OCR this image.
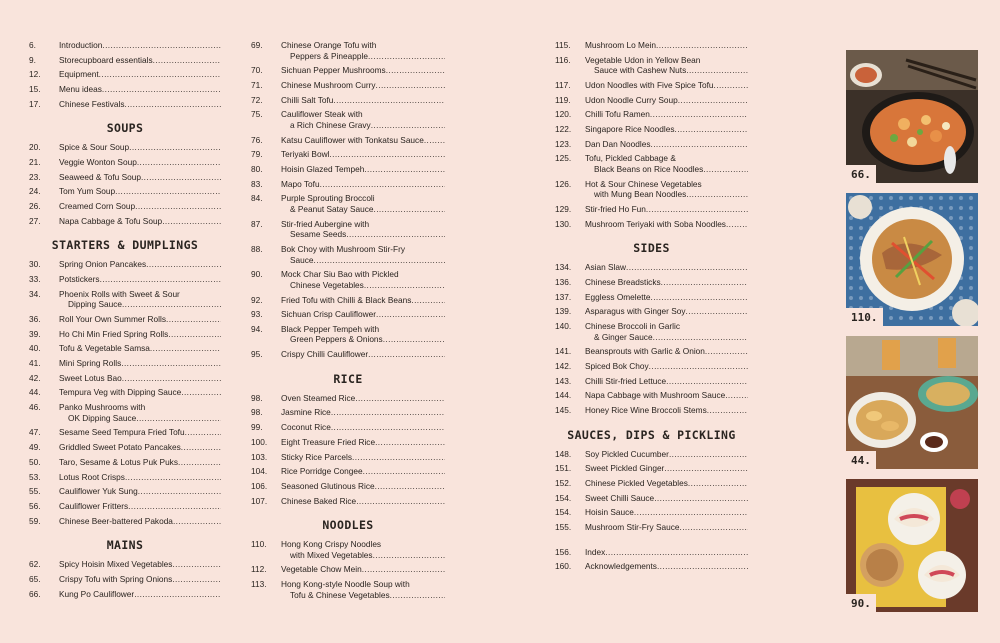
6.	Introduction
.....
9.	Storecupboard essentials
.....
12.	Equipment
.....
15.	Menu ideas
.....
17.	Chinese Festivals
.....
SOUPS
20.	Spice & Sour Soup
.....
21.	Veggie Wonton Soup
.....
23.	Seaweed & Tofu Soup
.....
24.	Tom Yum Soup
.....
26.	Creamed Corn Soup
.....
27.	Napa Cabbage & Tofu Soup
.....
STARTERS & DUMPLINGS
30.	Spring Onion Pancakes
.....
33.	Potstickers
.....
34.	Phoenix Rolls with Sweet & Sour
Dipping Sauce
.....
36.	Roll Your Own Summer Rolls
.....
39.	Ho Chi Min Fried Spring Rolls
.....
40.	Tofu & Vegetable Samsa
.....
41.	Mini Spring Rolls
.....
42.	Sweet Lotus Bao
.....
44.	Tempura Veg with Dipping Sauce
.....
46.	Panko Mushrooms with
OK Dipping Sauce
.....
47.	Sesame Seed Tempura Fried Tofu
.....
49.	Griddled Sweet Potato Pancakes
.....
50.	Taro, Sesame & Lotus Puk Puks
.....
53.	Lotus Root Crisps
.....
55.	Cauliflower Yuk Sung
.....
56.	Cauliflower Fritters
.....
59.	Chinese Beer-battered Pakoda
.....
MAINS
62.	Spicy Hoisin Mixed Vegetables
.....
65.	Crispy Tofu with Spring Onions
.....
66.	Kung Po Cauliflower
.....
69.	Chinese Orange Tofu with
Peppers & Pineapple
.....
70.	Sichuan Pepper Mushrooms
.....
71.	Chinese Mushroom Curry
.....
72.	Chilli Salt Tofu
.....
75.	Cauliflower Steak with
a Rich Chinese Gravy
.....
76.	Katsu Cauliflower with Tonkatsu Sauce
.....
79.	Teriyaki Bowl
.....
80.	Hoisin Glazed Tempeh
.....
83.	Mapo Tofu
.....
84.	Purple Sprouting Broccoli
& Peanut Satay Sauce
.....
87.	Stir-fried Aubergine with
Sesame Seeds
.....
88.	Bok Choy with Mushroom Stir-Fry
Sauce
.....
90.	Mock Char Siu Bao with Pickled
Chinese Vegetables
.....
92.	Fried Tofu with Chilli & Black Beans
.....
93.	Sichuan Crisp Cauliflower
.....
94.	Black Pepper Tempeh with
Green Peppers & Onions
.....
95.	Crispy Chilli Cauliflower
.....
RICE
98.	Oven Steamed Rice
.....
98.	Jasmine Rice
.....
99.	Coconut Rice
.....
100.	Eight Treasure Fried Rice
.....
103.	Sticky Rice Parcels
.....
104.	Rice Porridge Congee
.....
106.	Seasoned Glutinous Rice
.....
107.	Chinese Baked Rice
.....
NOODLES
110.	Hong Kong Crispy Noodles
with Mixed Vegetables
.....
112.	Vegetable Chow Mein
.....
113.	Hong Kong-style Noodle Soup with
Tofu & Chinese Vegetables
.....
115.	Mushroom Lo Mein
.....
116.	Vegetable Udon in Yellow Bean
Sauce with Cashew Nuts
.....
117.	Udon Noodles with Five Spice Tofu
.....
119.	Udon Noodle Curry Soup
.....
120.	Chilli Tofu Ramen
.....
122.	Singapore Rice Noodles
.....
123.	Dan Dan Noodles
.....
125.	Tofu, Pickled Cabbage &
Black Beans on Rice Noodles
.....
126.	Hot & Sour Chinese Vegetables
with Mung Bean Noodles
.....
129.	Stir-fried Ho Fun
.....
130.	Mushroom Teriyaki with Soba Noodles
.....
SIDES
134.	Asian Slaw
.....
136.	Chinese Breadsticks
.....
137.	Eggless Omelette
.....
139.	Asparagus with Ginger Soy
.....
140.	Chinese Broccoli in Garlic
& Ginger Sauce
.....
141.	Beansprouts with Garlic & Onion
.....
142.	Spiced Bok Choy
.....
143.	Chilli Stir-fried Lettuce
.....
144.	Napa Cabbage with Mushroom Sauce
.....
145.	Honey Rice Wine Broccoli Stems
.....
SAUCES, DIPS & PICKLING
148.	Soy Pickled Cucumber
.....
151.	Sweet Pickled Ginger
.....
152.	Chinese Pickled Vegetables
.....
154.	Sweet Chilli Sauce
.....
154.	Hoisin Sauce
.....
155.	Mushroom Stir-Fry Sauce
.....
156.	Index
.....
160.	Acknowledgements
.....
66.
110.
44.
90.
